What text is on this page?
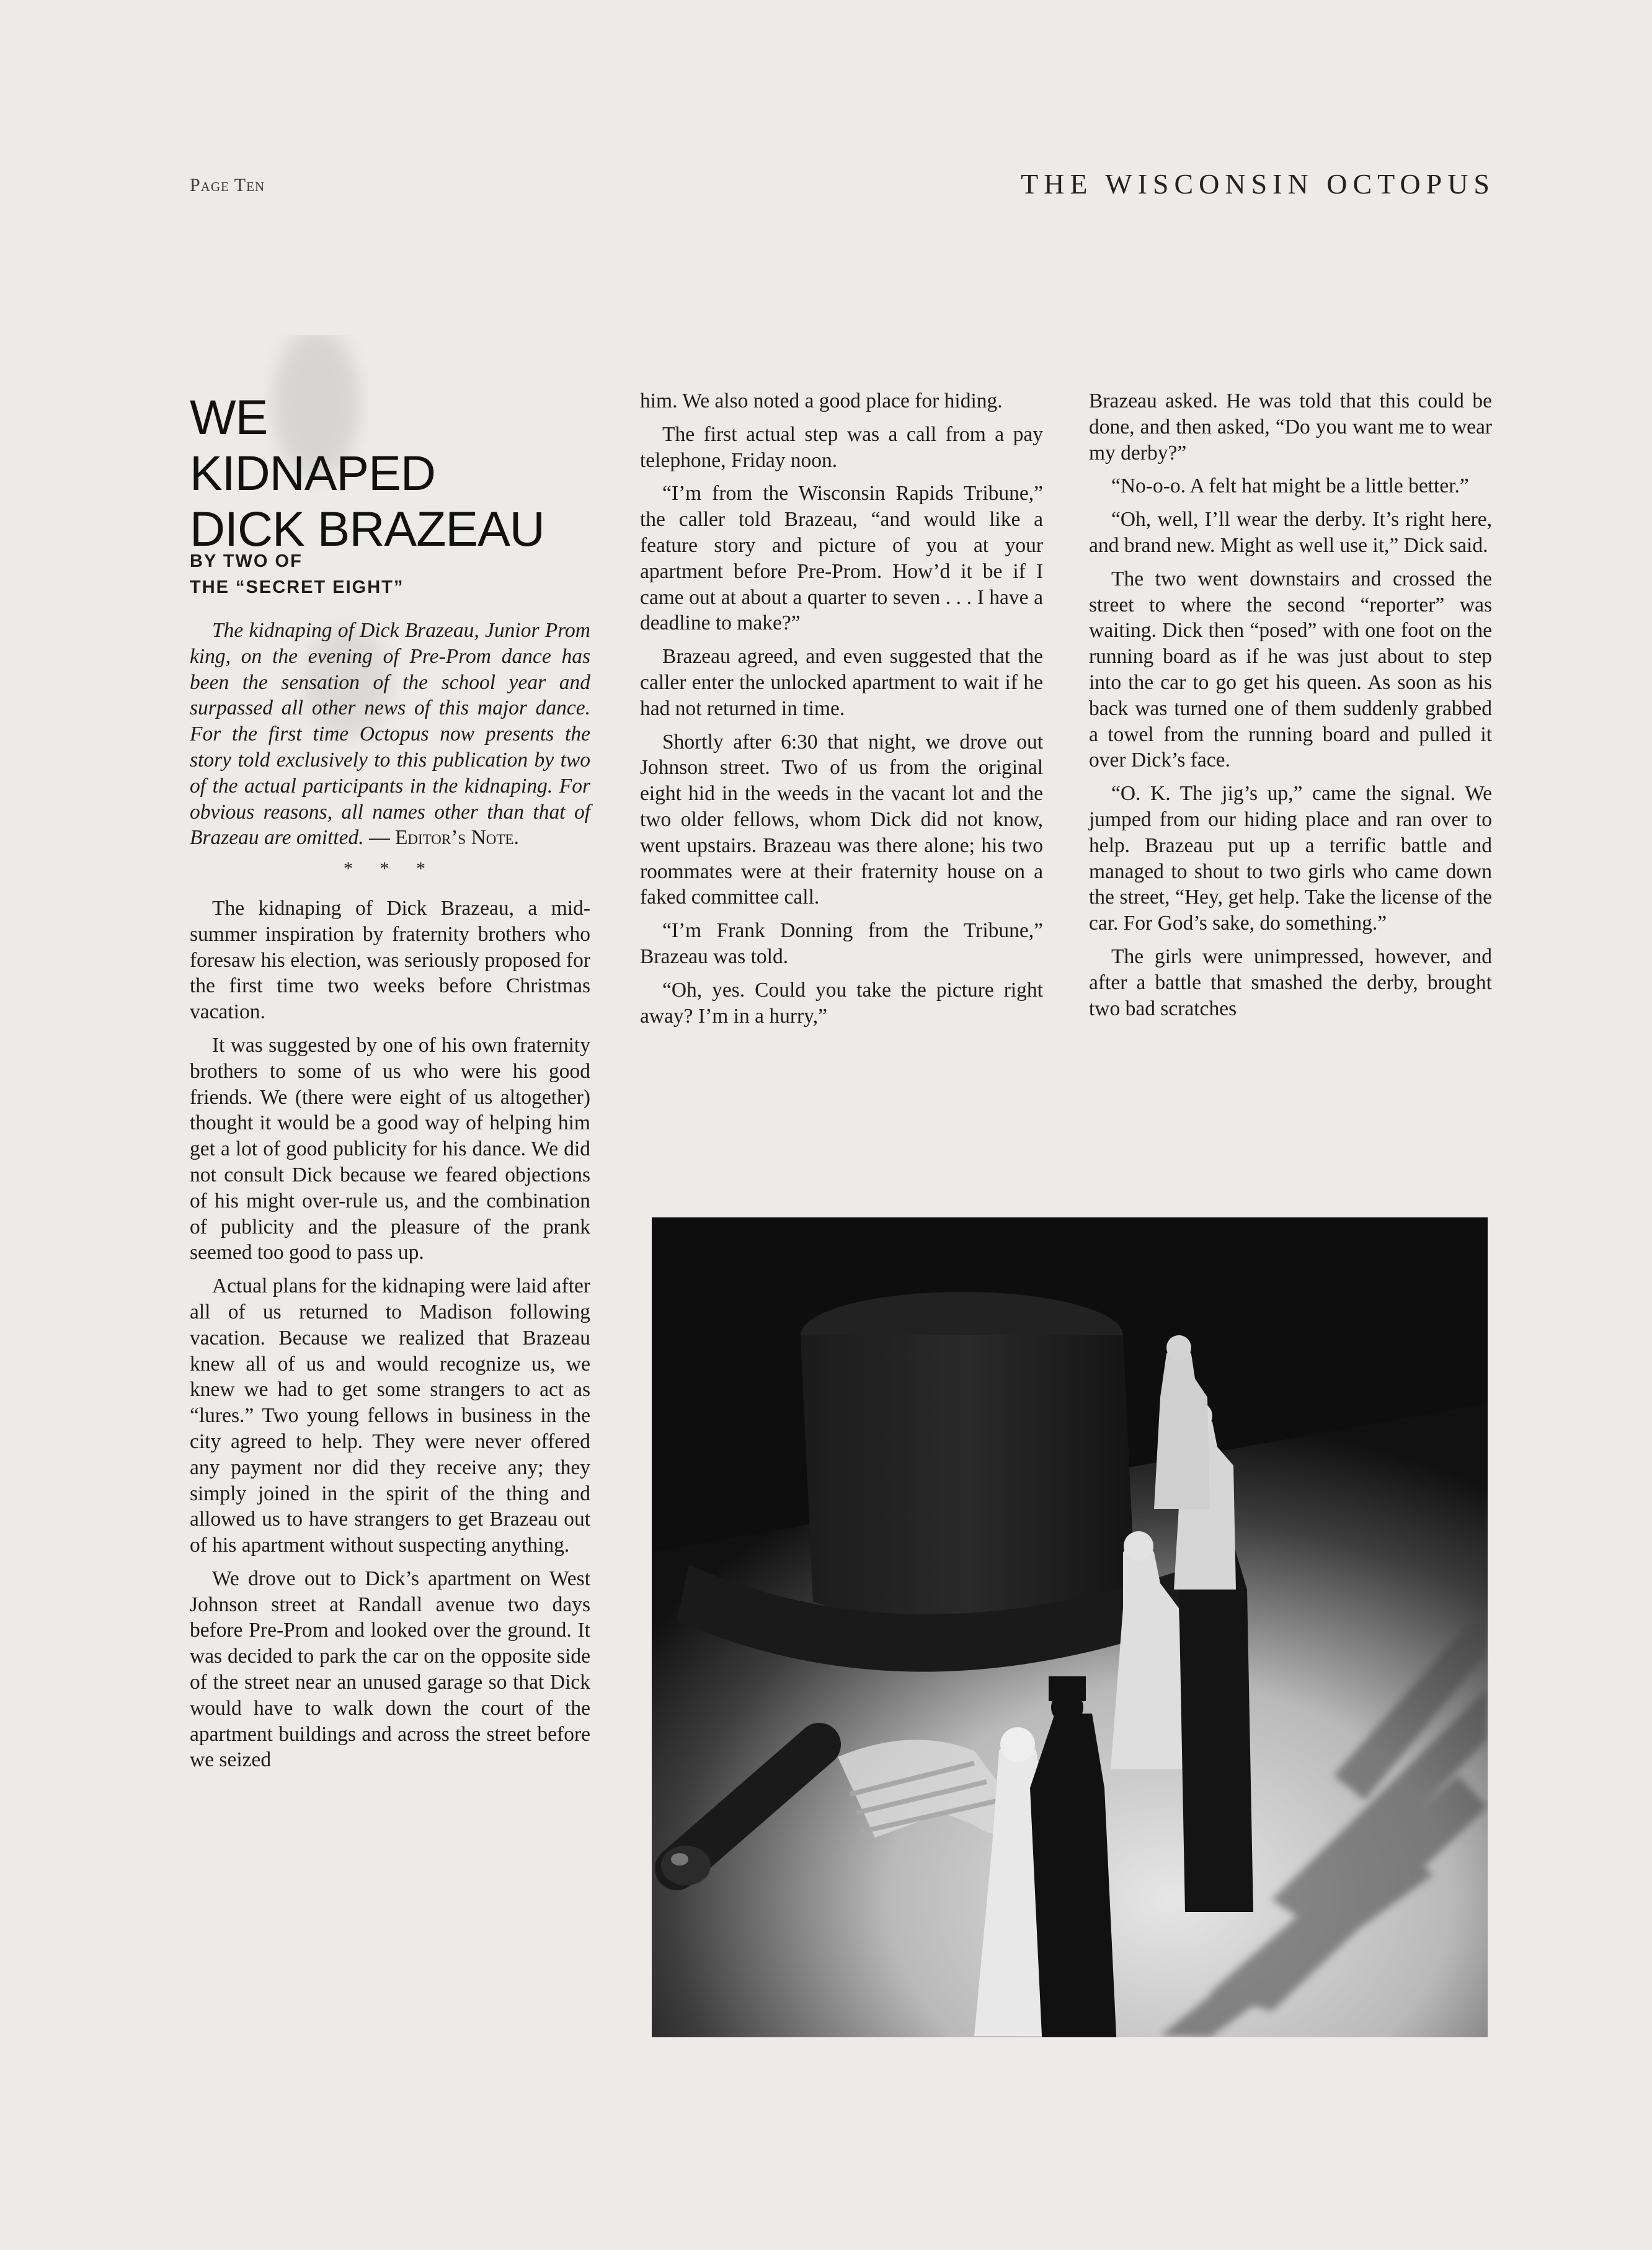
Page Ten	THE WISCONSIN OCTOPUS
WE
KIDNAPED
DICK BRAZEAU
BY TWO OF
THE “SECRET EIGHT”

The kidnaping of Dick Brazeau, Junior Prom king, on the evening of Pre-Prom dance has been the sensation of the school year and surpassed all other news of this major dance. For the first time Octopus now presents the story told exclusively to this publication by two of the actual participants in the kidnaping. For obvious reasons, all names other than that of Brazeau are omitted. — Editor’s Note.

* * *

The kidnaping of Dick Brazeau, a mid-summer inspiration by fraternity brothers who foresaw his election, was seriously proposed for the first time two weeks before Christmas vacation.

It was suggested by one of his own fraternity brothers to some of us who were his good friends. We (there were eight of us altogether) thought it would be a good way of helping him get a lot of good publicity for his dance. We did not consult Dick because we feared objections of his might over-rule us, and the combination of publicity and the pleasure of the prank seemed too good to pass up.

Actual plans for the kidnaping were laid after all of us returned to Madison following vacation. Because we realized that Brazeau knew all of us and would recognize us, we knew we had to get some strangers to act as “lures.” Two young fellows in business in the city agreed to help. They were never offered any payment nor did they receive any; they simply joined in the spirit of the thing and allowed us to have strangers to get Brazeau out of his apartment without suspecting anything.

We drove out to Dick’s apartment on West Johnson street at Randall avenue two days before Pre-Prom and looked over the ground. It was decided to park the car on the opposite side of the street near an unused garage so that Dick would have to walk down the court of the apartment buildings and across the street before we seized

him. We also noted a good place for hiding.

The first actual step was a call from a pay telephone, Friday noon.

“I’m from the Wisconsin Rapids Tribune,” the caller told Brazeau, “and would like a feature story and picture of you at your apartment before Pre-Prom. How’d it be if I came out at about a quarter to seven . . . I have a deadline to make?”

Brazeau agreed, and even suggested that the caller enter the unlocked apartment to wait if he had not returned in time.

Shortly after 6:30 that night, we drove out Johnson street. Two of us from the original eight hid in the weeds in the vacant lot and the two older fellows, whom Dick did not know, went upstairs. Brazeau was there alone; his two roommates were at their fraternity house on a faked committee call.

“I’m Frank Donning from the Tribune,” Brazeau was told.

“Oh, yes. Could you take the picture right away? I’m in a hurry,”

Brazeau asked. He was told that this could be done, and then asked, “Do you want me to wear my derby?”

“No-o-o. A felt hat might be a little better.”

“Oh, well, I’ll wear the derby. It’s right here, and brand new. Might as well use it,” Dick said.

The two went downstairs and crossed the street to where the second “reporter” was waiting. Dick then “posed” with one foot on the running board as if he was just about to step into the car to go get his queen. As soon as his back was turned one of them suddenly grabbed a towel from the running board and pulled it over Dick’s face.

“O. K. The jig’s up,” came the signal. We jumped from our hiding place and ran over to help. Brazeau put up a terrific battle and managed to shout to two girls who came down the street, “Hey, get help. Take the license of the car. For God’s sake, do something.”

The girls were unimpressed, however, and after a battle that smashed the derby, brought two bad scratches
